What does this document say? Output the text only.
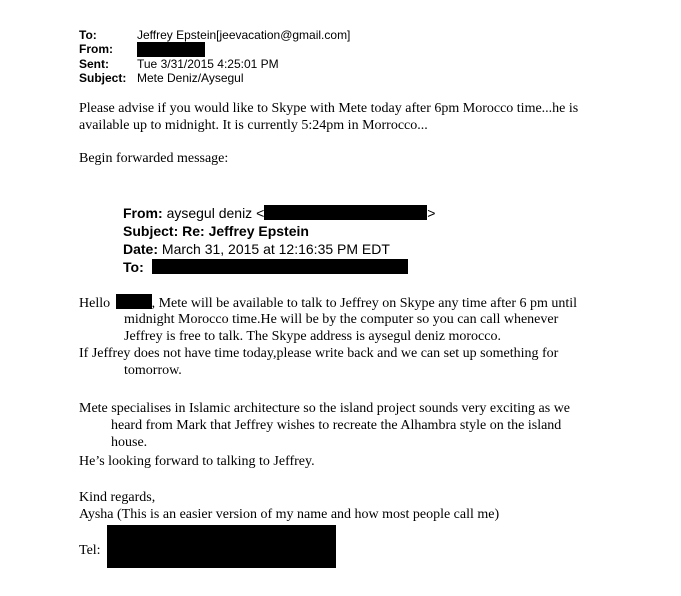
To:	Jeffrey Epstein[jeevacation@gmail.com]
From:
Sent:	Tue 3/31/2015 4:25:01 PM
Subject: Mete Deniz/Aysegul
Please advise if you would like to Skype with Mete today after 6pm Morocco time...he is
available up to midnight. It is currently 5:24pm in Morrocco...
Begin forwarded message:
From: aysegul deniz <	>
Subject: Re: Jeffrey Epstein
Date: March 31, 2015 at 12:16:35 PM EDT
To:
Hello	, Mete will be available to talk to Jeffrey on Skype any time after 6 pm until
midnight Morocco time.He will be by the computer so you can call whenever
Jeffrey is free to talk. The Skype address is aysegul deniz morocco.
If Jeffrey does not have time today,please write back and we can set up something for
tomorrow.
Mete specialises in Islamic architecture so the island project sounds very exciting as we
heard from Mark that Jeffrey wishes to recreate the Alhambra style on the island
house.
He’s looking forward to talking to Jeffrey.
Kind regards,
Aysha (This is an easier version of my name and how most people call me)
Tel:
